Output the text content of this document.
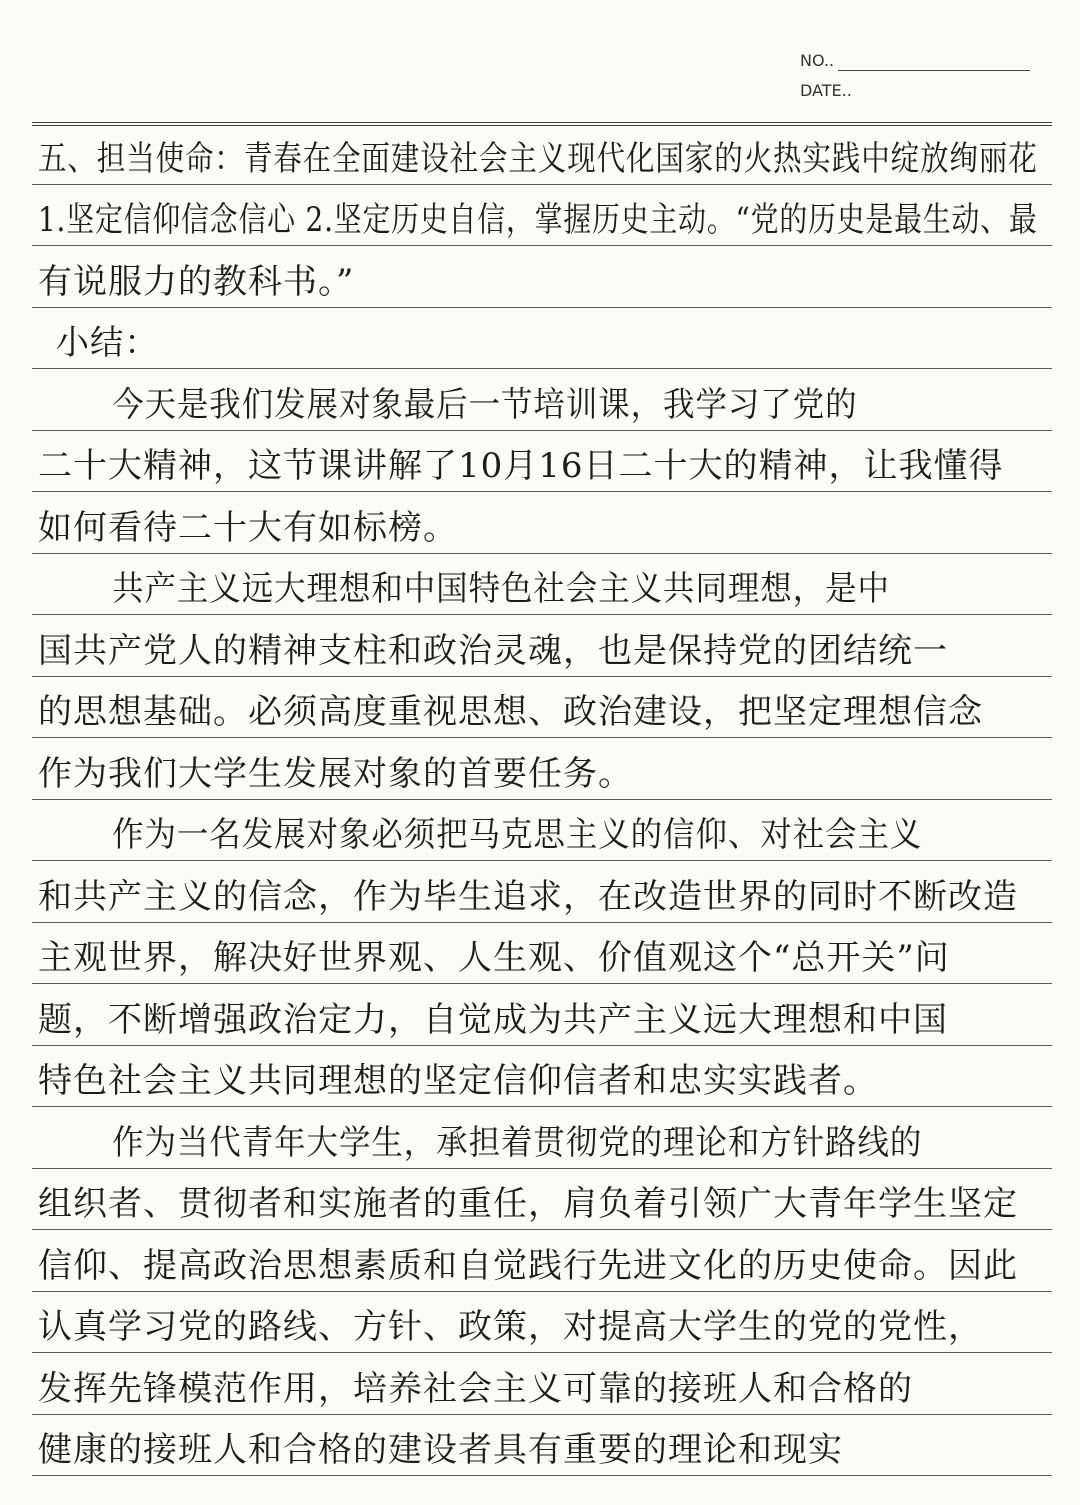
NO..
DATE..
五、担当使命：青春在全面建设社会主义现代化国家的火热实践中绽放绚丽花
1.坚定信仰信念信心 2.坚定历史自信，掌握历史主动。“党的历史是最生动、最
有说服力的教科书。”
小结：
今天是我们发展对象最后一节培训课，我学习了党的
二十大精神，这节课讲解了10月16日二十大的精神，让我懂得
如何看待二十大有如标榜。
共产主义远大理想和中国特色社会主义共同理想，是中
国共产党人的精神支柱和政治灵魂，也是保持党的团结统一
的思想基础。必须高度重视思想、政治建设，把坚定理想信念
作为我们大学生发展对象的首要任务。
作为一名发展对象必须把马克思主义的信仰、对社会主义
和共产主义的信念，作为毕生追求，在改造世界的同时不断改造
主观世界，解决好世界观、人生观、价值观这个“总开关”问
题，不断增强政治定力，自觉成为共产主义远大理想和中国
特色社会主义共同理想的坚定信仰信者和忠实实践者。
作为当代青年大学生，承担着贯彻党的理论和方针路线的
组织者、贯彻者和实施者的重任，肩负着引领广大青年学生坚定
信仰、提高政治思想素质和自觉践行先进文化的历史使命。因此
认真学习党的路线、方针、政策，对提高大学生的党的党性，
发挥先锋模范作用，培养社会主义可靠的接班人和合格的
健康的接班人和合格的建设者具有重要的理论和现实
